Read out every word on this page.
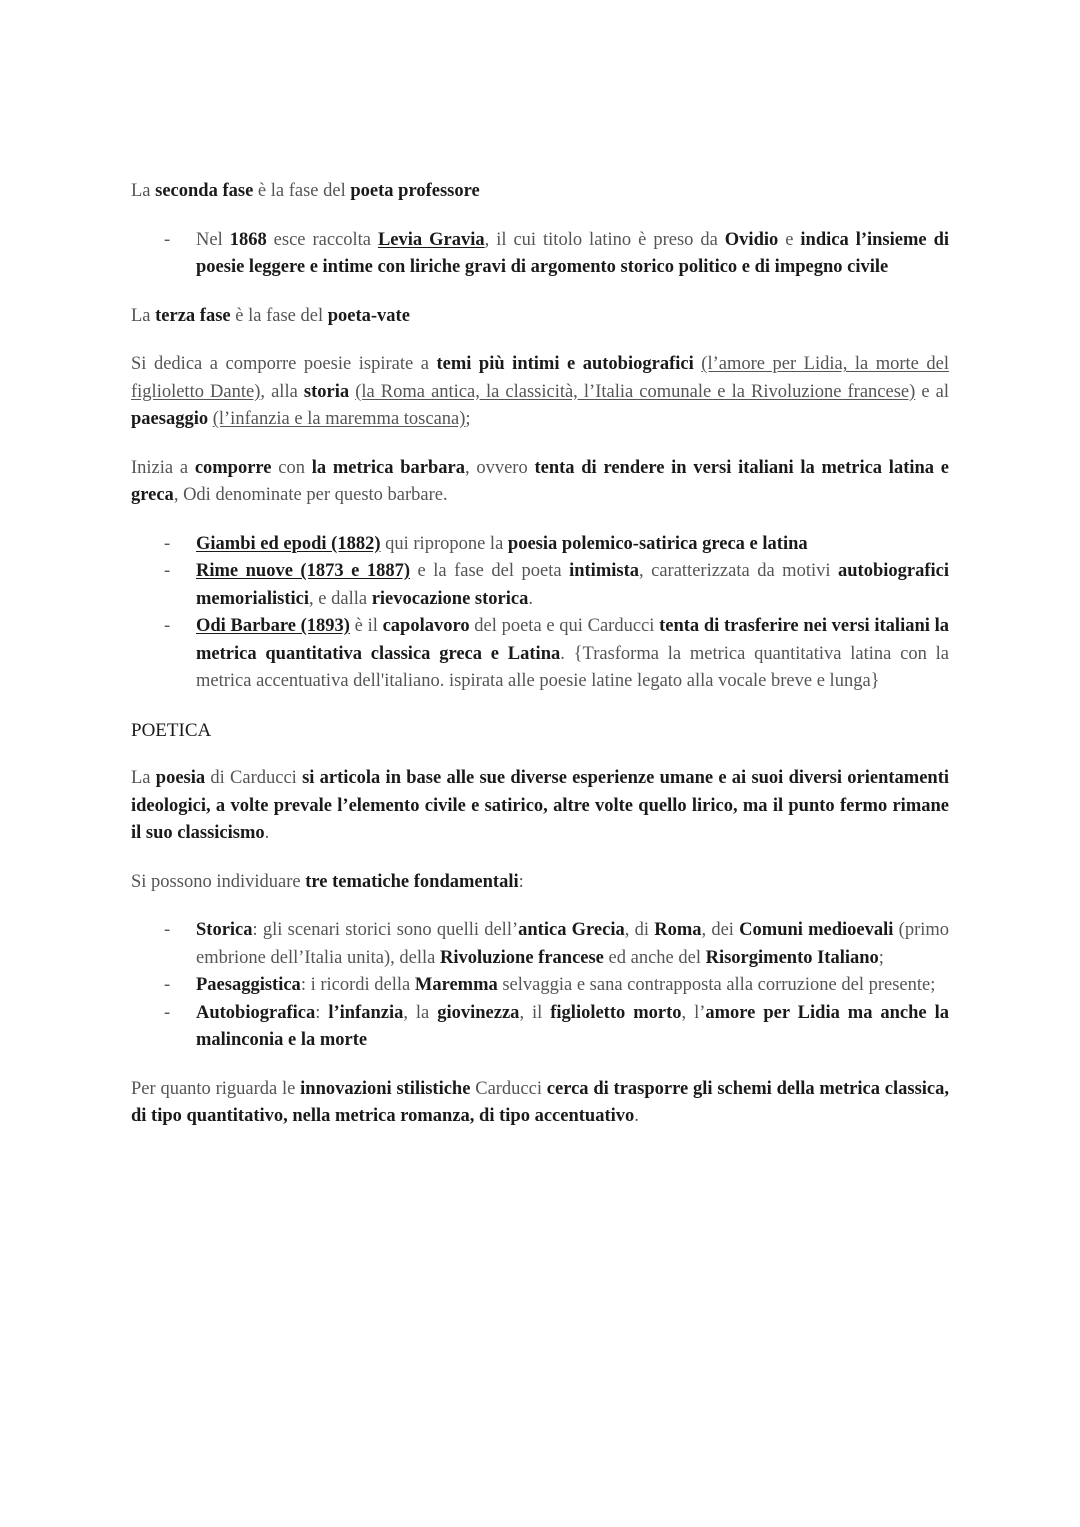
La seconda fase è la fase del poeta professore

- Nel 1868 esce raccolta Levia Gravia, il cui titolo latino è preso da Ovidio e indica l’insieme di poesie leggere e intime con liriche gravi di argomento storico politico e di impegno civile

La terza fase è la fase del poeta-vate

Si dedica a comporre poesie ispirate a temi più intimi e autobiografici (l’amore per Lidia, la morte del figlioletto Dante), alla storia (la Roma antica, la classicità, l’Italia comunale e la Rivoluzione francese) e al paesaggio (l’infanzia e la maremma toscana);

Inizia a comporre con la metrica barbara, ovvero tenta di rendere in versi italiani la metrica latina e greca, Odi denominate per questo barbare.

- Giambi ed epodi (1882) qui ripropone la poesia polemico-satirica greca e latina
- Rime nuove (1873 e 1887) e la fase del poeta intimista, caratterizzata da motivi autobiografici memorialistici, e dalla rievocazione storica.
- Odi Barbare (1893) è il capolavoro del poeta e qui Carducci tenta di trasferire nei versi italiani la metrica quantitativa classica greca e Latina. {Trasforma la metrica quantitativa latina con la metrica accentuativa dell'italiano. ispirata alle poesie latine legato alla vocale breve e lunga}

POETICA

La poesia di Carducci si articola in base alle sue diverse esperienze umane e ai suoi diversi orientamenti ideologici, a volte prevale l’elemento civile e satirico, altre volte quello lirico, ma il punto fermo rimane il suo classicismo.

Si possono individuare tre tematiche fondamentali:

- Storica: gli scenari storici sono quelli dell’antica Grecia, di Roma, dei Comuni medioevali (primo embrione dell’Italia unita), della Rivoluzione francese ed anche del Risorgimento Italiano;
- Paesaggistica: i ricordi della Maremma selvaggia e sana contrapposta alla corruzione del presente;
- Autobiografica: l’infanzia, la giovinezza, il figlioletto morto, l’amore per Lidia ma anche la malinconia e la morte

Per quanto riguarda le innovazioni stilistiche Carducci cerca di trasporre gli schemi della metrica classica, di tipo quantitativo, nella metrica romanza, di tipo accentuativo.
